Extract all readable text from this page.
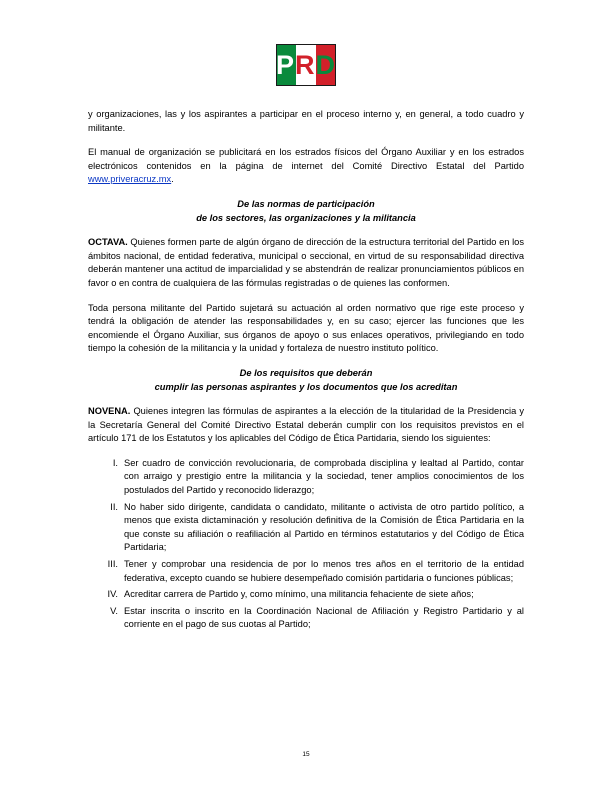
P R D

y organizaciones, las y los aspirantes a participar en el proceso interno y, en general, a todo cuadro y militante.

El manual de organización se publicitará en los estrados físicos del Órgano Auxiliar y en los estrados electrónicos contenidos en la página de internet del Comité Directivo Estatal del Partido www.priveracruz.mx.

De las normas de participación
de los sectores, las organizaciones y la militancia

OCTAVA. Quienes formen parte de algún órgano de dirección de la estructura territorial del Partido en los ámbitos nacional, de entidad federativa, municipal o seccional, en virtud de su responsabilidad directiva deberán mantener una actitud de imparcialidad y se abstendrán de realizar pronunciamientos públicos en favor o en contra de cualquiera de las fórmulas registradas o de quienes las conformen.

Toda persona militante del Partido sujetará su actuación al orden normativo que rige este proceso y tendrá la obligación de atender las responsabilidades y, en su caso; ejercer las funciones que les encomiende el Órgano Auxiliar, sus órganos de apoyo o sus enlaces operativos, privilegiando en todo tiempo la cohesión de la militancia y la unidad y fortaleza de nuestro instituto político.

De los requisitos que deberán
cumplir las personas aspirantes y los documentos que los acreditan

NOVENA. Quienes integren las fórmulas de aspirantes a la elección de la titularidad de la Presidencia y la Secretaría General del Comité Directivo Estatal deberán cumplir con los requisitos previstos en el artículo 171 de los Estatutos y los aplicables del Código de Ética Partidaria, siendo los siguientes:

I. Ser cuadro de convicción revolucionaria, de comprobada disciplina y lealtad al Partido, contar con arraigo y prestigio entre la militancia y la sociedad, tener amplios conocimientos de los postulados del Partido y reconocido liderazgo;
II. No haber sido dirigente, candidata o candidato, militante o activista de otro partido político, a menos que exista dictaminación y resolución definitiva de la Comisión de Ética Partidaria en la que conste su afiliación o reafiliación al Partido en términos estatutarios y del Código de Ética Partidaria;
III. Tener y comprobar una residencia de por lo menos tres años en el territorio de la entidad federativa, excepto cuando se hubiere desempeñado comisión partidaria o funciones públicas;
IV. Acreditar carrera de Partido y, como mínimo, una militancia fehaciente de siete años;
V. Estar inscrita o inscrito en la Coordinación Nacional de Afiliación y Registro Partidario y al corriente en el pago de sus cuotas al Partido;
15
